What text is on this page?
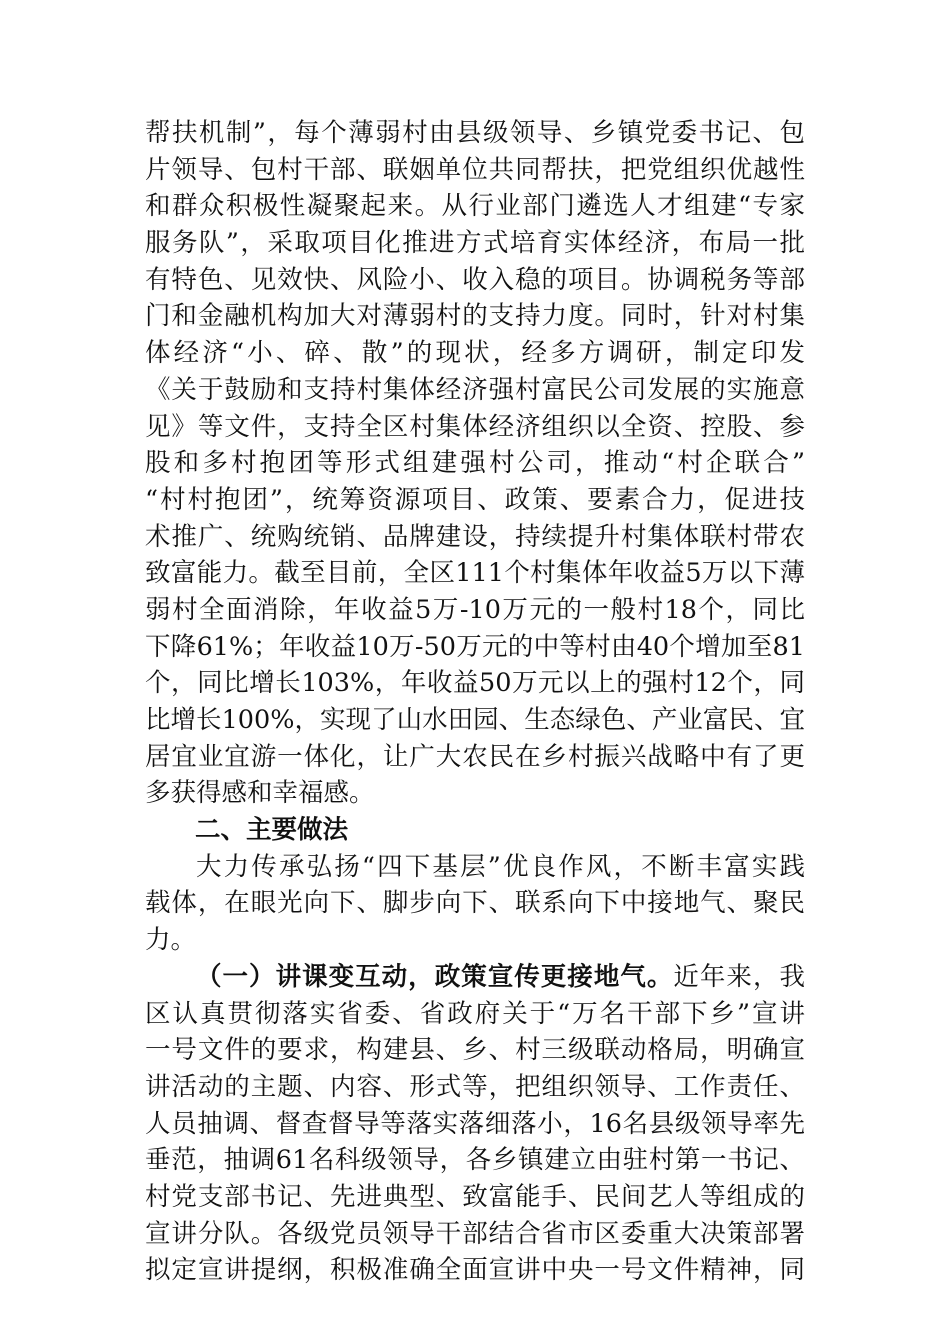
帮扶机制”，每个薄弱村由县级领导、乡镇党委书记、包
片领导、包村干部、联姻单位共同帮扶，把党组织优越性
和群众积极性凝聚起来。从行业部门遴选人才组建“专家
服务队”，采取项目化推进方式培育实体经济，布局一批
有特色、见效快、风险小、收入稳的项目。协调税务等部
门和金融机构加大对薄弱村的支持力度。同时，针对村集
体经济“小、碎、散”的现状，经多方调研，制定印发
《关于鼓励和支持村集体经济强村富民公司发展的实施意
见》等文件，支持全区村集体经济组织以全资、控股、参
股和多村抱团等形式组建强村公司，推动“村企联合”
“村村抱团”，统筹资源项目、政策、要素合力，促进技
术推广、统购统销、品牌建设，持续提升村集体联村带农
致富能力。截至目前，全区111个村集体年收益5万以下薄
弱村全面消除，年收益5万-10万元的一般村18个，同比
下降61%；年收益10万-50万元的中等村由40个增加至81
个，同比增长103%，年收益50万元以上的强村12个，同
比增长100%，实现了山水田园、生态绿色、产业富民、宜
居宜业宜游一体化，让广大农民在乡村振兴战略中有了更
多获得感和幸福感。
二、主要做法
大力传承弘扬“四下基层”优良作风，不断丰富实践
载体，在眼光向下、脚步向下、联系向下中接地气、聚民
力。
（一）讲课变互动，政策宣传更接地气。近年来，我
区认真贯彻落实省委、省政府关于“万名干部下乡”宣讲
一号文件的要求，构建县、乡、村三级联动格局，明确宣
讲活动的主题、内容、形式等，把组织领导、工作责任、
人员抽调、督查督导等落实落细落小，16名县级领导率先
垂范，抽调61名科级领导，各乡镇建立由驻村第一书记、
村党支部书记、先进典型、致富能手、民间艺人等组成的
宣讲分队。各级党员领导干部结合省市区委重大决策部署
拟定宣讲提纲，积极准确全面宣讲中央一号文件精神，同
